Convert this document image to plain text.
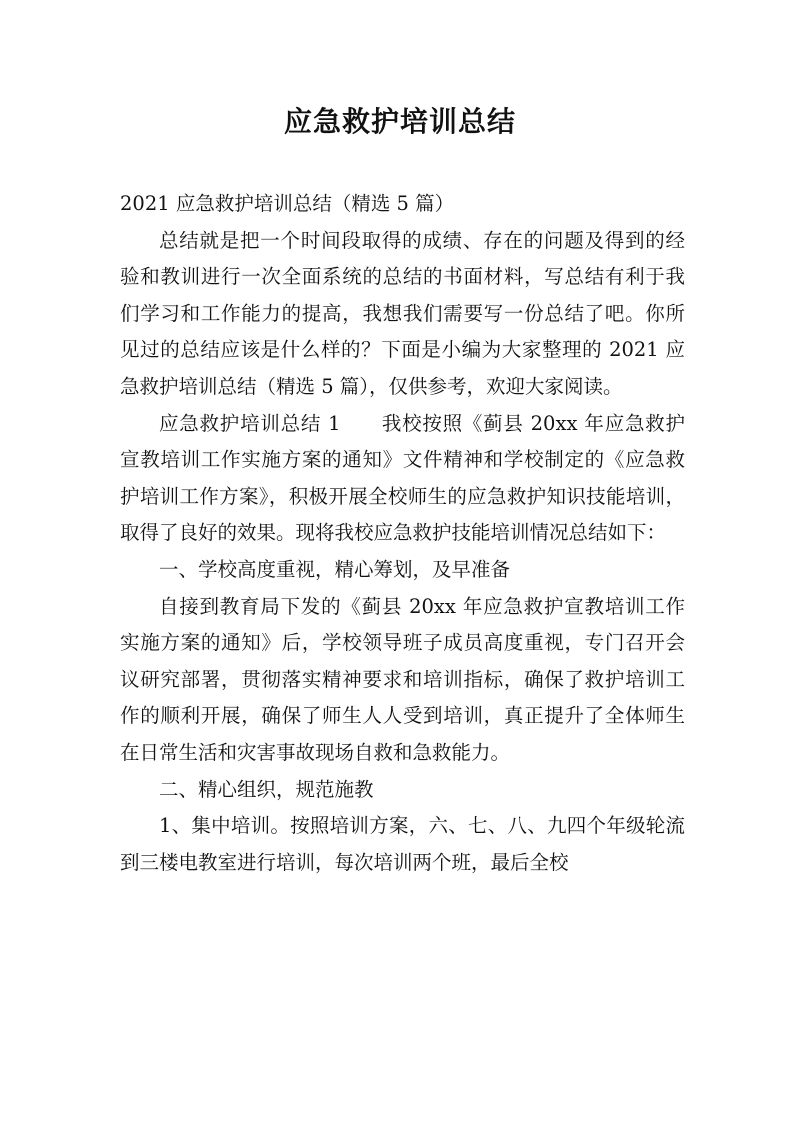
应急救护培训总结

2021 应急救护培训总结（精选 5 篇）

总结就是把一个时间段取得的成绩、存在的问题及得到的经验和教训进行一次全面系统的总结的书面材料，写总结有利于我们学习和工作能力的提高，我想我们需要写一份总结了吧。你所见过的总结应该是什么样的？下面是小编为大家整理的 2021 应急救护培训总结（精选 5 篇），仅供参考，欢迎大家阅读。

应急救护培训总结 1　　我校按照《蓟县 20xx 年应急救护宣教培训工作实施方案的通知》文件精神和学校制定的《应急救护培训工作方案》，积极开展全校师生的应急救护知识技能培训，取得了良好的效果。现将我校应急救护技能培训情况总结如下：

一、学校高度重视，精心筹划，及早准备

自接到教育局下发的《蓟县 20xx 年应急救护宣教培训工作实施方案的通知》后，学校领导班子成员高度重视，专门召开会议研究部署，贯彻落实精神要求和培训指标，确保了救护培训工作的顺利开展，确保了师生人人受到培训，真正提升了全体师生在日常生活和灾害事故现场自救和急救能力。

二、精心组织，规范施教

1、集中培训。按照培训方案，六、七、八、九四个年级轮流到三楼电教室进行培训，每次培训两个班，最后全校
